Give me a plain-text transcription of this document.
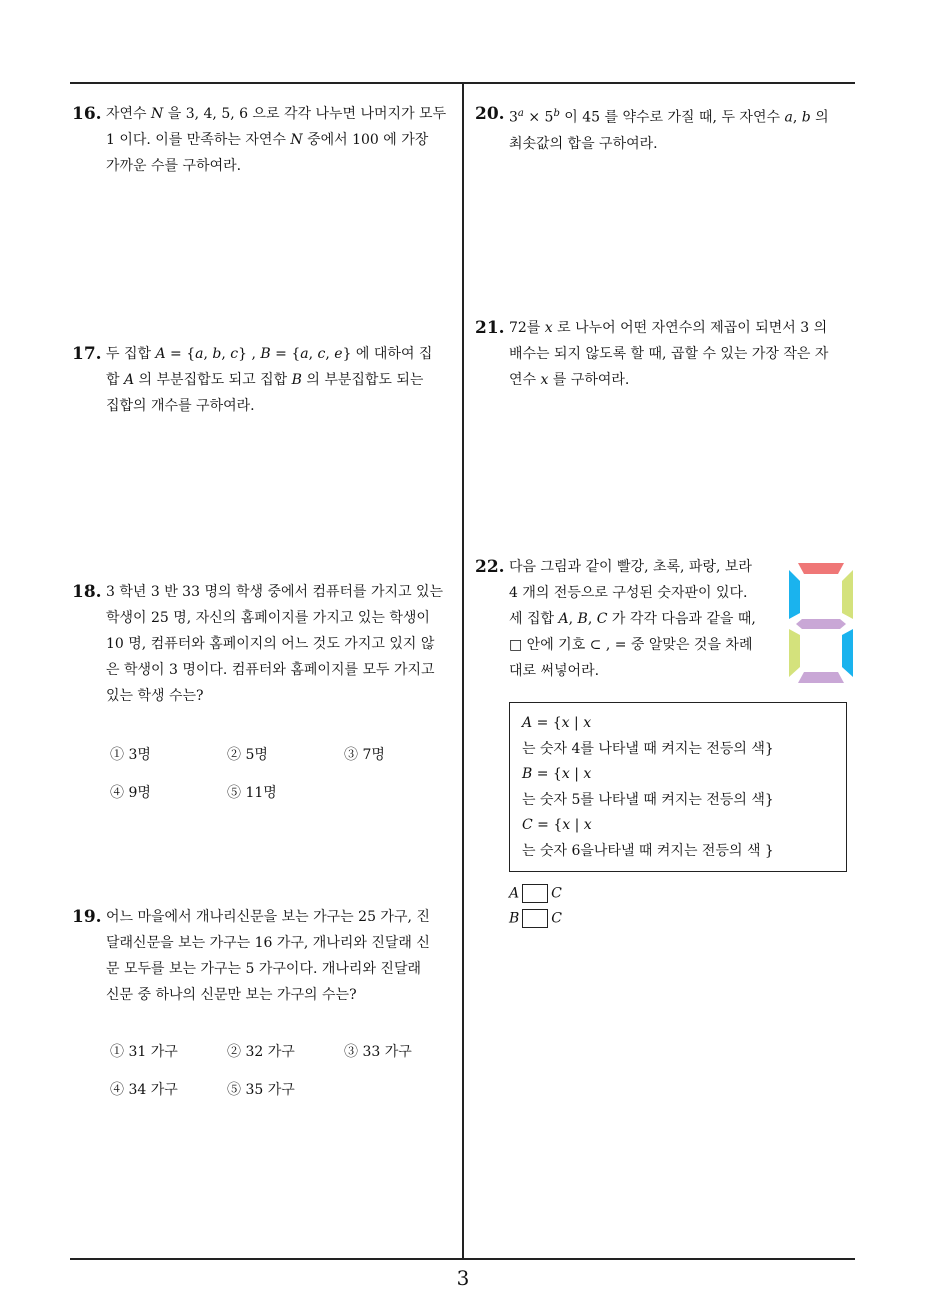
16. 자연수 N 을 3, 4, 5, 6 으로 각각 나누면 나머지가 모두
1 이다. 이를 만족하는 자연수 N 중에서 100 에 가장
가까운 수를 구하여라.
17. 두 집합 A = {a, b, c} , B = {a, c, e} 에 대하여 집
합 A 의 부분집합도 되고 집합 B 의 부분집합도 되는
집합의 개수를 구하여라.
18. 3 학년 3 반 33 명의 학생 중에서 컴퓨터를 가지고 있는
학생이 25 명, 자신의 홈페이지를 가지고 있는 학생이
10 명, 컴퓨터와 홈페이지의 어느 것도 가지고 있지 않
은 학생이 3 명이다. 컴퓨터와 홈페이지를 모두 가지고
있는 학생 수는?
① 3명	② 5명	③ 7명
④ 9명	⑤ 11명
19. 어느 마을에서 개나리신문을 보는 가구는 25 가구, 진
달래신문을 보는 가구는 16 가구, 개나리와 진달래 신
문 모두를 보는 가구는 5 가구이다. 개나리와 진달래
신문 중 하나의 신문만 보는 가구의 수는?
① 31 가구	② 32 가구	③ 33 가구
④ 34 가구	⑤ 35 가구
20. $3^a \times 5^b$ 이 45 를 약수로 가질 때, 두 자연수 a, b 의
최솟값의 합을 구하여라.
21. 72를 x 로 나누어 어떤 자연수의 제곱이 되면서 3 의
배수는 되지 않도록 할 때, 곱할 수 있는 가장 작은 자
연수 x 를 구하여라.
22. 다음 그림과 같이 빨강, 초록, 파랑, 보라
4 개의 전등으로 구성된 숫자판이 있다.
세 집합 A, B, C 가 각각 다음과 같을 때,
□ 안에 기호 ⊂ , = 중 알맞은 것을 차례
대로 써넣어라.
A = {x | x
는 숫자 4를 나타낼 때 켜지는 전등의 색}
B = {x | x
는 숫자 5를 나타낼 때 켜지는 전등의 색}
C = {x | x
는 숫자 6을나타낼 때 켜지는 전등의 색 }
A C
B C
3
